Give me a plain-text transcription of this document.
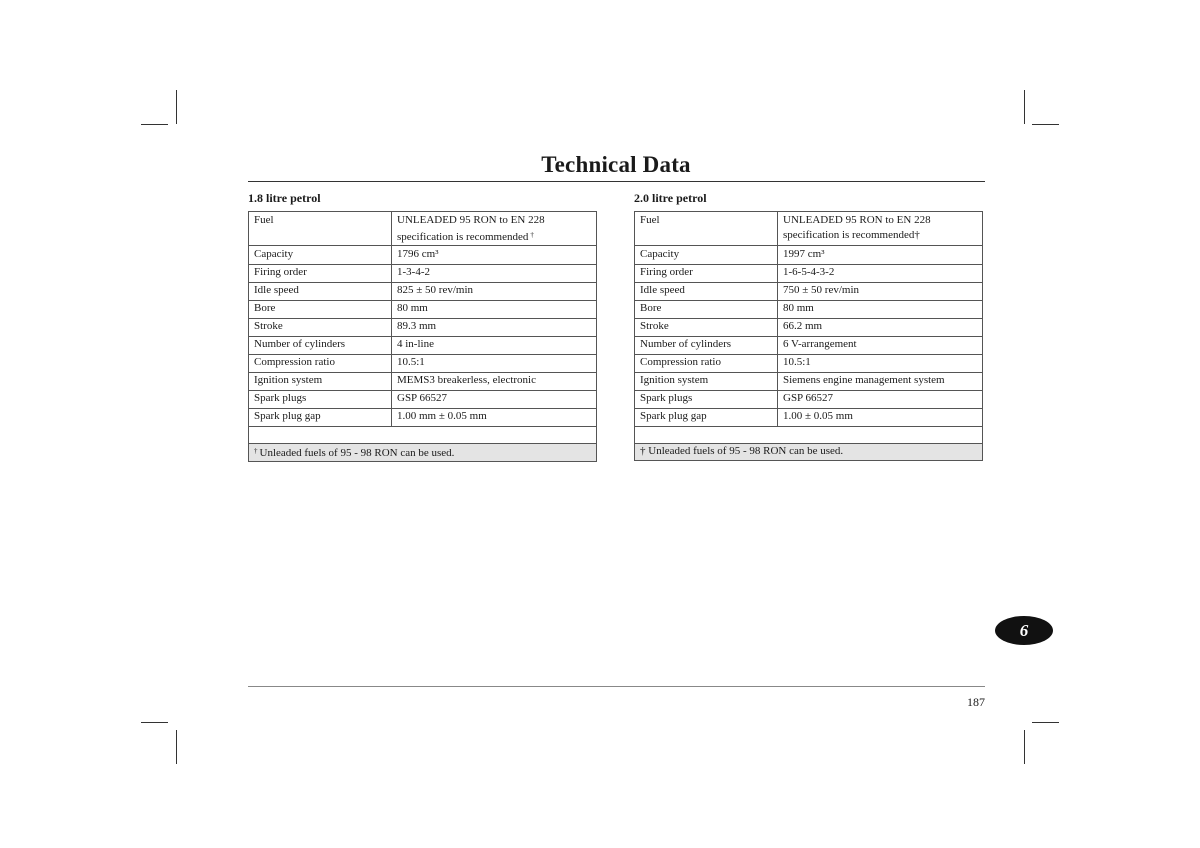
Technical Data
1.8 litre petrol
Fuel	UNLEADED 95 RON to EN 228
specification is recommended †
Capacity	1796 cm³
Firing order	1-3-4-2
Idle speed	825 ± 50 rev/min
Bore	80 mm
Stroke	89.3 mm
Number of cylinders	4 in-line
Compression ratio	10.5:1
Ignition system	MEMS3 breakerless, electronic
Spark plugs	GSP 66527
Spark plug gap	1.00 mm ± 0.05 mm

† Unleaded fuels of 95 - 98 RON can be used.	
2.0 litre petrol
Fuel	UNLEADED 95 RON to EN 228
specification is recommended†
Capacity	1997 cm³
Firing order	1-6-5-4-3-2
Idle speed	750 ± 50 rev/min
Bore	80 mm
Stroke	66.2 mm
Number of cylinders	6 V-arrangement
Compression ratio	10.5:1
Ignition system	Siemens engine management system
Spark plugs	GSP 66527
Spark plug gap	1.00 ± 0.05 mm

† Unleaded fuels of 95 - 98 RON can be used.	
6
187
